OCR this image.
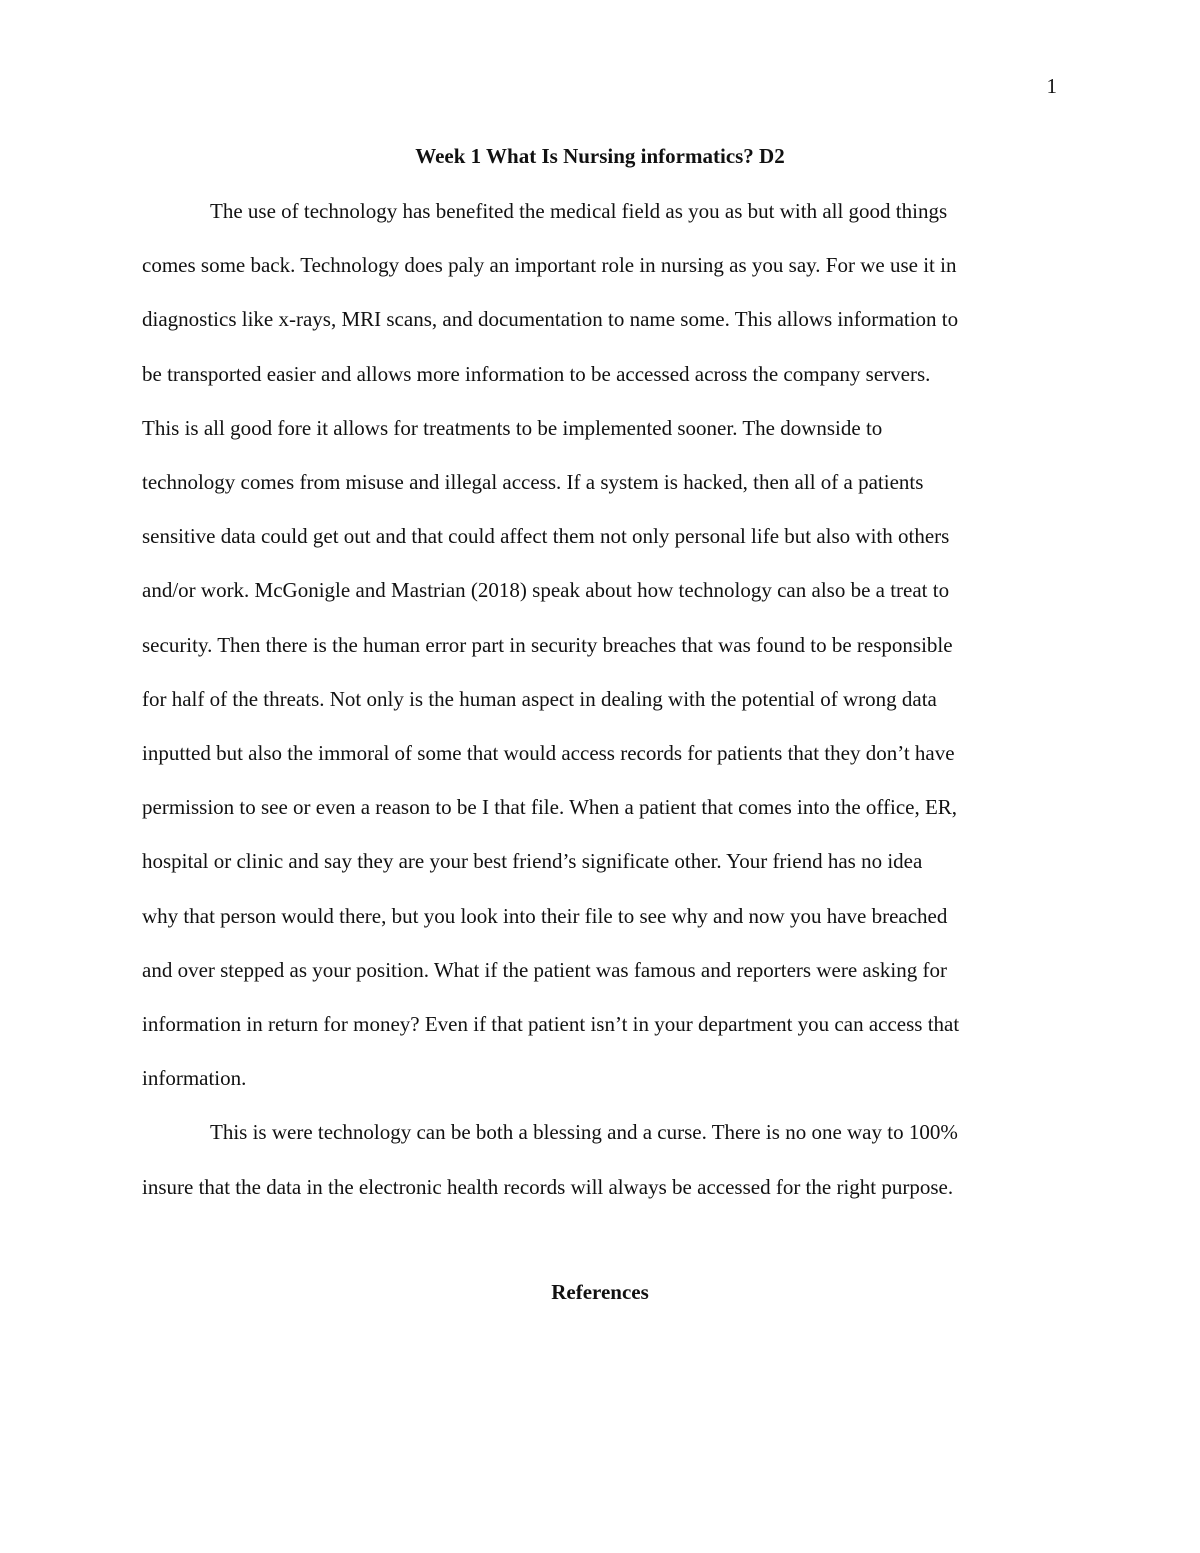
1
Week 1 What Is Nursing informatics? D2
The use of technology has benefited the medical field as you as but with all good things
comes some back. Technology does paly an important role in nursing as you say. For we use it in
diagnostics like x-rays, MRI scans, and documentation to name some. This allows information to
be transported easier and allows more information to be accessed across the company servers.
This is all good fore it allows for treatments to be implemented sooner. The downside to
technology comes from misuse and illegal access. If a system is hacked, then all of a patients
sensitive data could get out and that could affect them not only personal life but also with others
and/or work. McGonigle and Mastrian (2018) speak about how technology can also be a treat to
security. Then there is the human error part in security breaches that was found to be responsible
for half of the threats. Not only is the human aspect in dealing with the potential of wrong data
inputted but also the immoral of some that would access records for patients that they don’t have
permission to see or even a reason to be I that file. When a patient that comes into the office, ER,
hospital or clinic and say they are your best friend’s significate other. Your friend has no idea
why that person would there, but you look into their file to see why and now you have breached
and over stepped as your position. What if the patient was famous and reporters were asking for
information in return for money? Even if that patient isn’t in your department you can access that
information.
This is were technology can be both a blessing and a curse. There is no one way to 100%
insure that the data in the electronic health records will always be accessed for the right purpose.
References
